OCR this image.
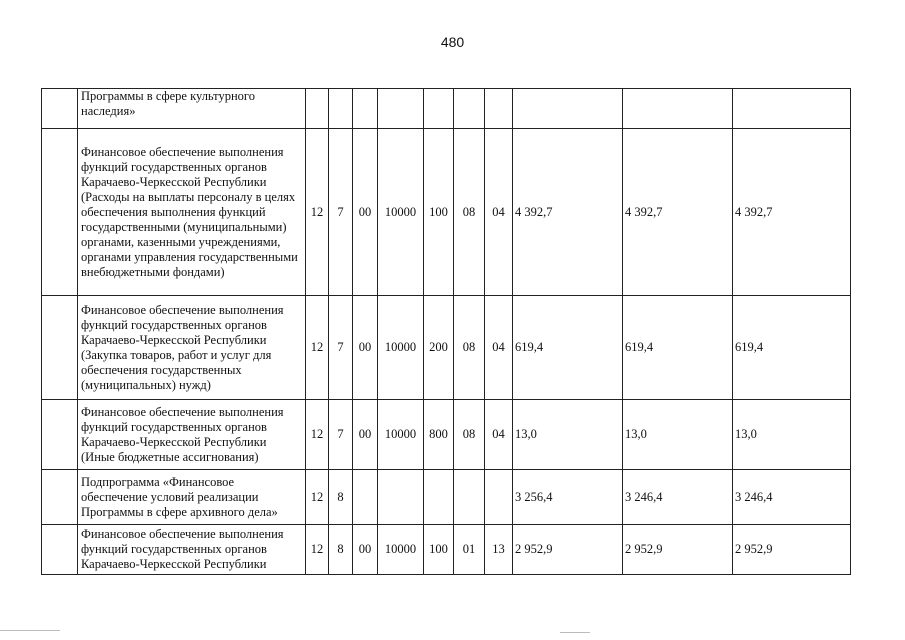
480
	Программы в сфере культурного наследия»										
	Финансовое обеспечение выполнения функций государственных органов Карачаево-Черкесской Республики (Расходы на выплаты персоналу в целях обеспечения выполнения функций государственными (муниципальными) органами, казенными учреждениями, органами управления государственными внебюджетными фондами)	12	7	00	10000	100	08	04	4 392,7	4 392,7	4 392,7
	Финансовое обеспечение выполнения функций государственных органов Карачаево-Черкесской Республики (Закупка товаров, работ и услуг для обеспечения государственных (муниципальных) нужд)	12	7	00	10000	200	08	04	619,4	619,4	619,4
	Финансовое обеспечение выполнения функций государственных органов Карачаево-Черкесской Республики (Иные бюджетные ассигнования)	12	7	00	10000	800	08	04	13,0	13,0	13,0
	Подпрограмма «Финансовое обеспечение условий реализации Программы в сфере архивного дела»	12	8						3 256,4	3 246,4	3 246,4
	Финансовое обеспечение выполнения функций государственных органов Карачаево-Черкесской Республики	12	8	00	10000	100	01	13	2 952,9	2 952,9	2 952,9
